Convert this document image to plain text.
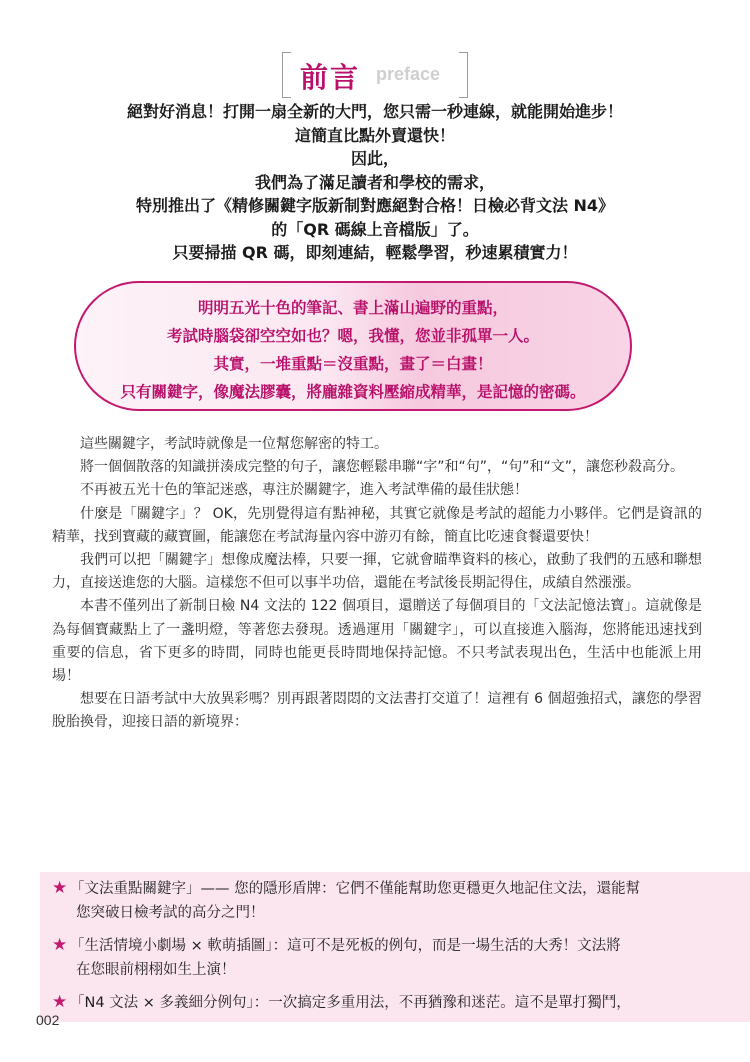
前言 preface
絕對好消息！打開一扇全新的大門，您只需一秒連線，就能開始進步！
這簡直比點外賣還快！
因此，
我們為了滿足讀者和學校的需求，
特別推出了《精修關鍵字版新制對應絕對合格！日檢必背文法 N4》
的「QR 碼線上音檔版」了。
只要掃描 QR 碼，即刻連結，輕鬆學習，秒速累積實力！
明明五光十色的筆記、書上滿山遍野的重點，
考試時腦袋卻空空如也？嗯，我懂，您並非孤單一人。
其實，一堆重點＝沒重點，畫了＝白畫！
只有關鍵字，像魔法膠囊，將龐雜資料壓縮成精華，是記憶的密碼。

這些關鍵字，考試時就像是一位幫您解密的特工。

將一個個散落的知識拼湊成完整的句子，讓您輕鬆串聯“字”和“句”，“句”和“文”，讓您秒殺高分。

不再被五光十色的筆記迷惑，專注於關鍵字，進入考試準備的最佳狀態！

什麼是「關鍵字」？ OK，先別覺得這有點神秘，其實它就像是考試的超能力小夥伴。它們是資訊的精華，找到寶藏的藏寶圖，能讓您在考試海量內容中游刃有餘，簡直比吃速食餐還要快！

我們可以把「關鍵字」想像成魔法棒，只要一揮，它就會瞄準資料的核心，啟動了我們的五感和聯想力，直接送進您的大腦。這樣您不但可以事半功倍，還能在考試後長期記得住，成績自然漲漲。

本書不僅列出了新制日檢 N4 文法的 122 個項目，還贈送了每個項目的「文法記憶法寶」。這就像是為每個寶藏點上了一盞明燈，等著您去發現。透過運用「關鍵字」，可以直接進入腦海，您將能迅速找到重要的信息，省下更多的時間，同時也能更長時間地保持記憶。不只考試表現出色，生活中也能派上用場！

想要在日語考試中大放異彩嗎？別再跟著悶悶的文法書打交道了！這裡有 6 個超強招式，讓您的學習脫胎換骨，迎接日語的新境界：

★ 「文法重點關鍵字」—— 您的隱形盾牌：它們不僅能幫助您更穩更久地記住文法，還能幫
您突破日檢考試的高分之門！
★ 「生活情境小劇場 × 軟萌插圖」：這可不是死板的例句，而是一場生活的大秀！文法將
在您眼前栩栩如生上演！
★ 「N4 文法 × 多義細分例句」：一次搞定多重用法，不再猶豫和迷茫。這不是單打獨鬥，
002
